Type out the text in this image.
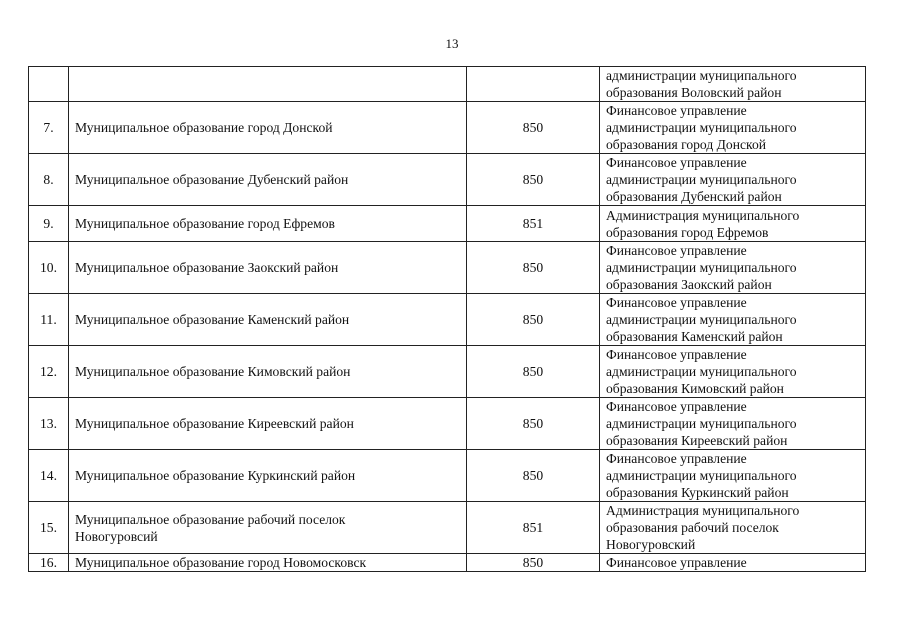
13

			администрации муниципального
образования Воловский район

7.	Муниципальное образование город Донской	850	Финансовое управление
администрации муниципального
образования город Донской

8.	Муниципальное образование Дубенский район	850	Финансовое управление
администрации муниципального
образования Дубенский район

9.	Муниципальное образование город Ефремов	851	Администрация муниципального
образования город Ефремов

10.	Муниципальное образование Заокский район	850	Финансовое управление
администрации муниципального
образования Заокский район

11.	Муниципальное образование Каменский район	850	Финансовое управление
администрации муниципального
образования Каменский район

12.	Муниципальное образование Кимовский район	850	Финансовое управление
администрации муниципального
образования Кимовский район

13.	Муниципальное образование Киреевский район	850	Финансовое управление
администрации муниципального
образования Киреевский район

14.	Муниципальное образование Куркинский район	850	Финансовое управление
администрации муниципального
образования Куркинский район

15.	Муниципальное образование рабочий поселок
Новогуровсий	851	Администрация муниципального
образования рабочий поселок
Новогуровский

16.	Муниципальное образование город Новомосковск	850	Финансовое управление
